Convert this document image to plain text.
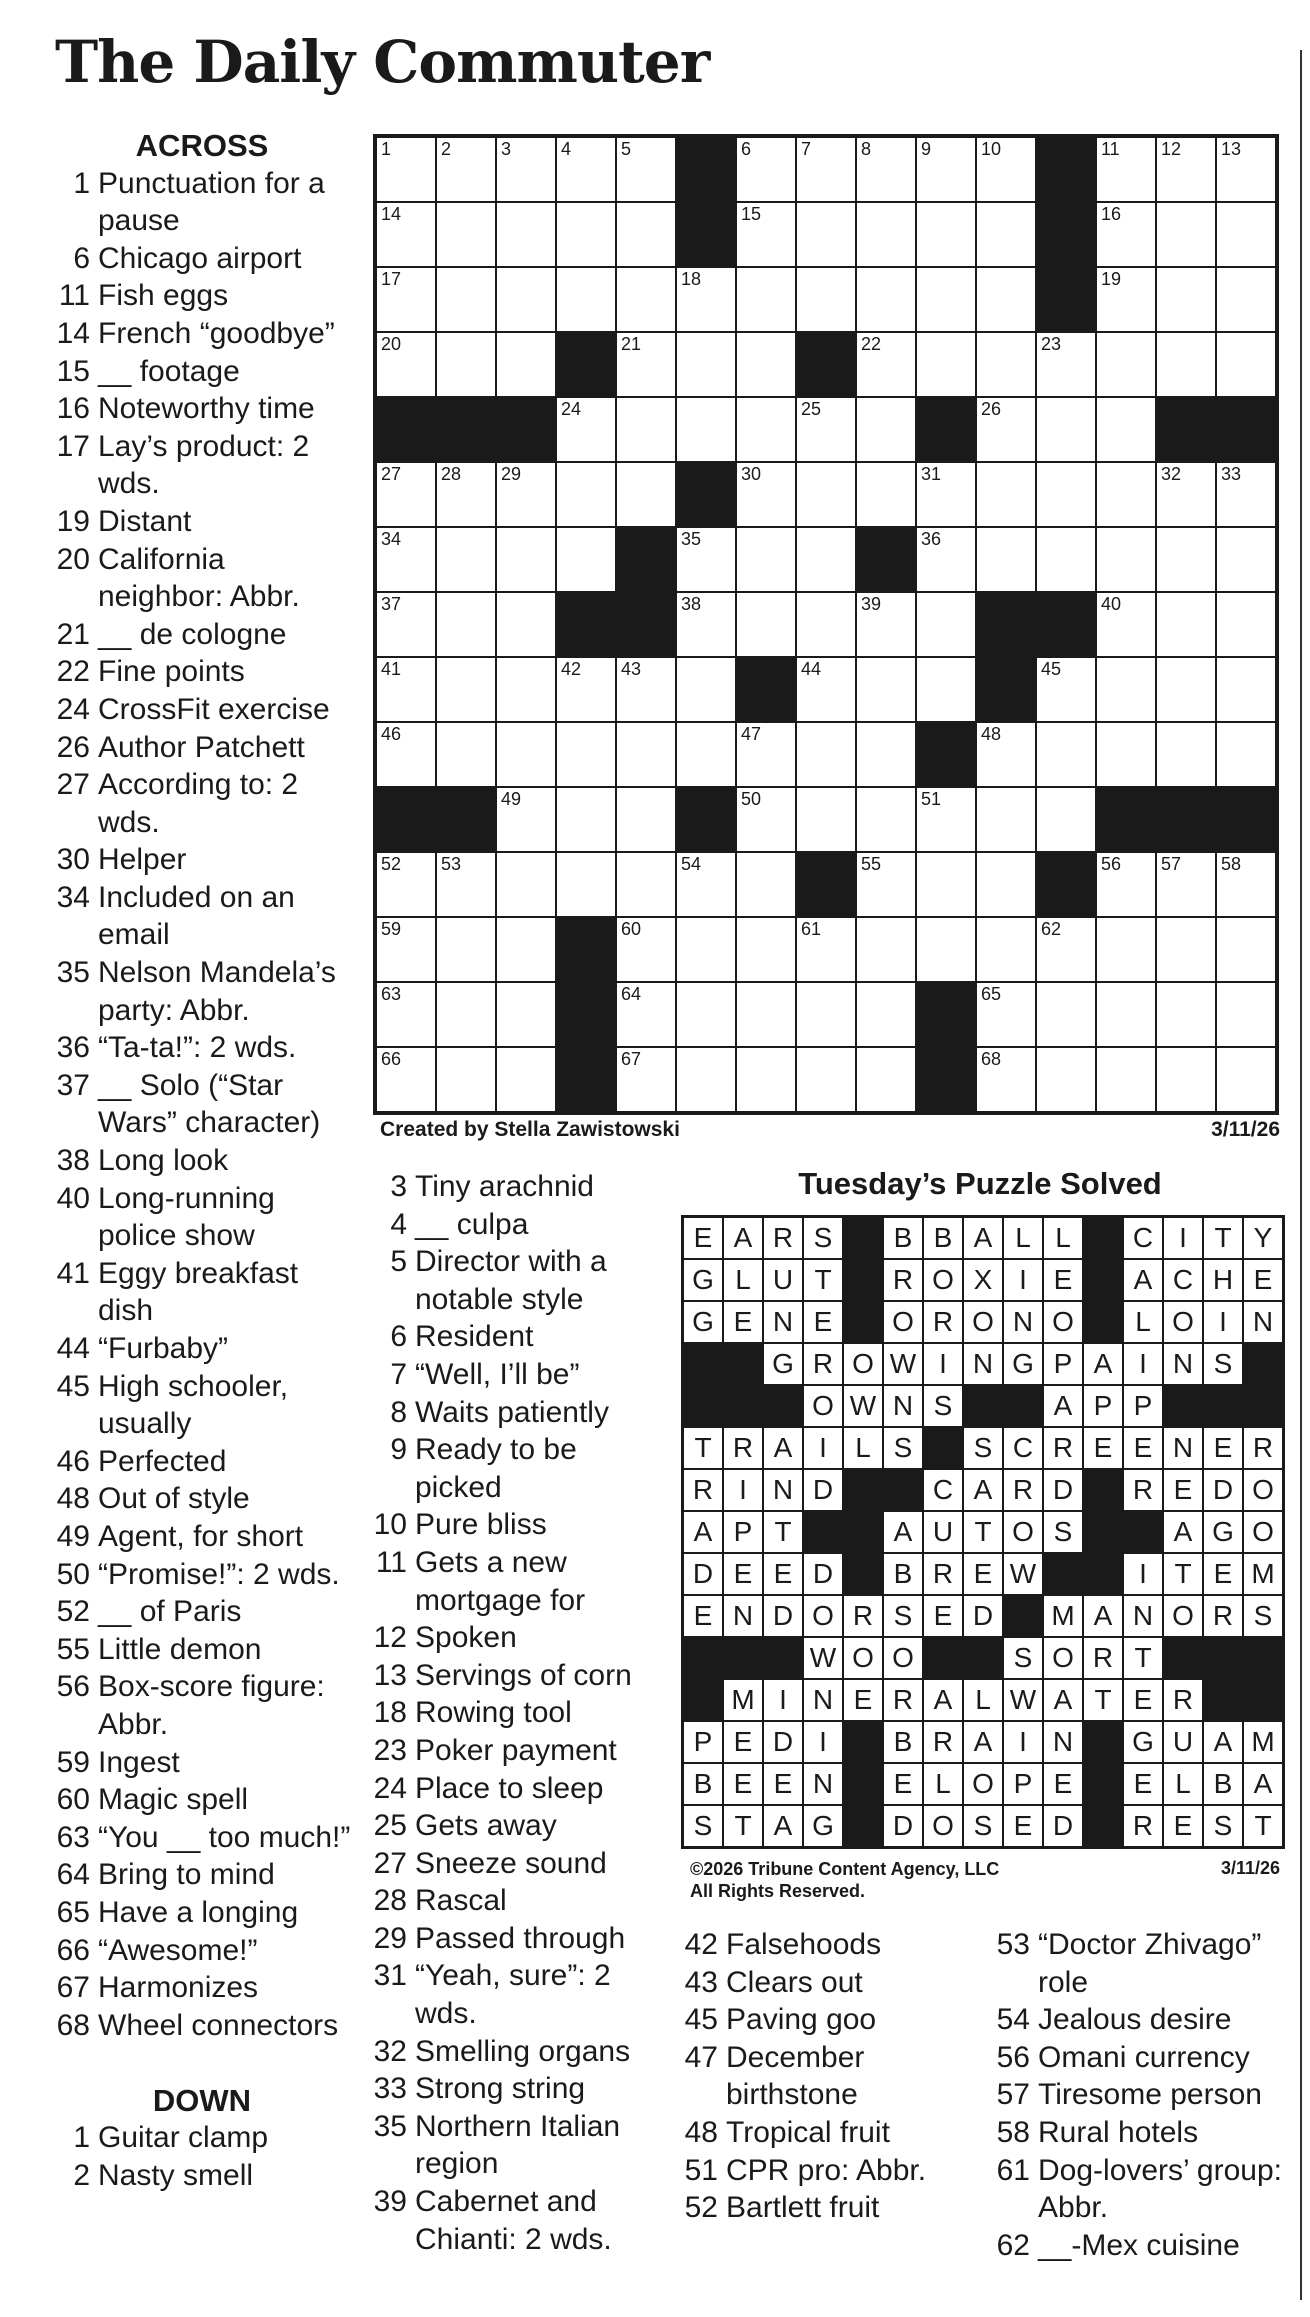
The Daily Commuter
ACROSS
1 Punctuation for a pause
6 Chicago airport
11 Fish eggs
14 French “goodbye”
15 __ footage
16 Noteworthy time
17 Lay’s product: 2 wds.
19 Distant
20 California neighbor: Abbr.
21 __ de cologne
22 Fine points
24 CrossFit exercise
26 Author Patchett
27 According to: 2 wds.
30 Helper
34 Included on an email
35 Nelson Mandela’s party: Abbr.
36 “Ta-ta!”: 2 wds.
37 __ Solo (“Star Wars” character)
38 Long look
40 Long-running police show
41 Eggy breakfast dish
44 “Furbaby”
45 High schooler, usually
46 Perfected
48 Out of style
49 Agent, for short
50 “Promise!”: 2 wds.
52 __ of Paris
55 Little demon
56 Box-score figure: Abbr.
59 Ingest
60 Magic spell
63 “You __ too much!”
64 Bring to mind
65 Have a longing
66 “Awesome!”
67 Harmonizes
68 Wheel connectors
DOWN
1 Guitar clamp
2 Nasty smell
3 Tiny arachnid
4 __ culpa
5 Director with a notable style
6 Resident
7 “Well, I’ll be”
8 Waits patiently
9 Ready to be picked
10 Pure bliss
11 Gets a new mortgage for
12 Spoken
13 Servings of corn
18 Rowing tool
23 Poker payment
24 Place to sleep
25 Gets away
27 Sneeze sound
28 Rascal
29 Passed through
31 “Yeah, sure”: 2 wds.
32 Smelling organs
33 Strong string
35 Northern Italian region
39 Cabernet and Chianti: 2 wds.
42 Falsehoods
43 Clears out
45 Paving goo
47 December birthstone
48 Tropical fruit
51 CPR pro: Abbr.
52 Bartlett fruit
53 “Doctor Zhivago” role
54 Jealous desire
56 Omani currency
57 Tiresome person
58 Rural hotels
61 Dog-lovers’ group: Abbr.
62 __-Mex cuisine
1	2	3	4	5	6	7	8	9	10	11 12 13
14	15	16
17	18	19
20	21	22	23
24	25	26
27 28 29	30	31	32 33
34	35	36
37	38	39	40
41	42 43	44	45
46	47	48
49	50	51
52 53	54	55	56 57 58
59	60	61	62
63	64	65
66	67	68
Created by Stella Zawistowski	3/11/26
Tuesday’s Puzzle Solved
E A R S	B B A L L	C I T Y
G L U T	R O X I E	A C H E
G E N E	O R O N O	L O I N
G R O W I N G P A I N S
O W N S	A P P
T R A I	L S	S C R E E N E R
R I N D	C A R D	R E D O
A P T	A U T O S	A G O
D E E D	B R E W	I T E M
E N D O R S E D	M A N O R S
W O O	S O R T
M I N E R A L W A T E R
P E D I	B R A I N	G U A M
B E E N	E L O P E	E L B A
S T A G	D O S E D	R E S T
©2026 Tribune Content Agency, LLC
All Rights Reserved.
3/11/26
